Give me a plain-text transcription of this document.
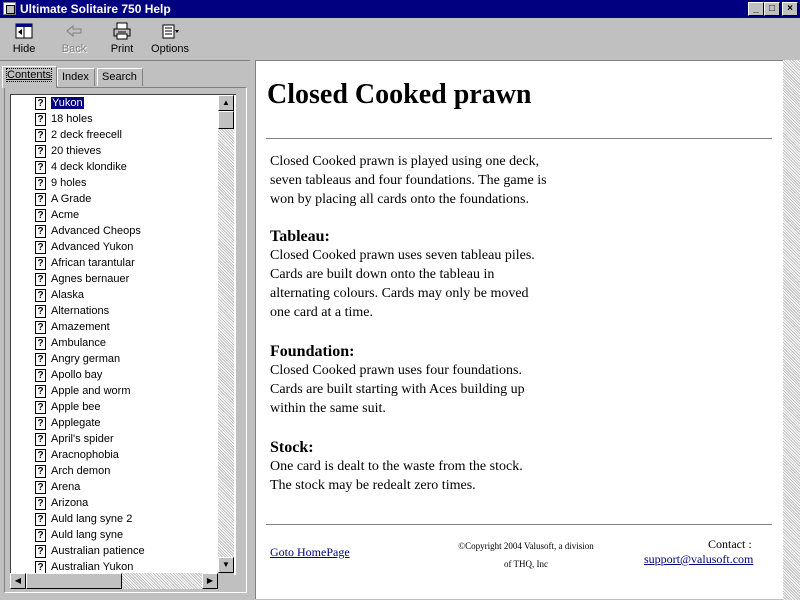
Ultimate Solitaire 750 Help	_	□	×
Hide	Back	Print	Options
Contents Index	Search
? Yukon
? 18 holes
? 2 deck freecell
? 20 thieves
? 4 deck klondike
? 9 holes
? A Grade
? Acme
? Advanced Cheops
? Advanced Yukon
? African tarantular
? Agnes bernauer
? Alaska
? Alternations
? Amazement
? Ambulance
? Angry german
? Apollo bay
? Apple and worm
? Apple bee
? Applegate
? April's spider
? Aracnophobia
? Arch demon
? Arena
? Arizona
? Auld lang syne 2
? Auld lang syne
? Australian patience
? Australian Yukon
▲
▼
◀	▶
Closed Cooked prawn
Closed Cooked prawn is played using one deck,
seven tableaus and four foundations. The game is
won by placing all cards onto the foundations.
Tableau:
Closed Cooked prawn uses seven tableau piles.
Cards are built down onto the tableau in
alternating colours. Cards may only be moved
one card at a time.
Foundation:
Closed Cooked prawn uses four foundations.
Cards are built starting with Aces building up
within the same suit.
Stock:
One card is dealt to the waste from the stock.
The stock may be redealt zero times.
Goto HomePage	©Copyright 2004 Valusoft, a division
of THQ, Inc
Contact :
support@valusoft.com
